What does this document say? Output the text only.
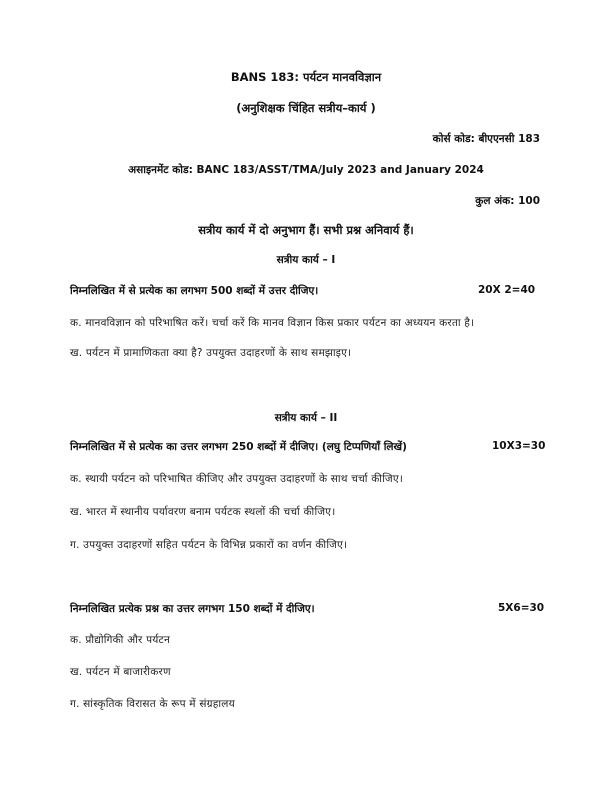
BANS 183: पर्यटन मानवविज्ञान
(अनुशिक्षक चिंहित सत्रीय–कार्य )
कोर्स कोड: बीएएनसी 183
असाइनमेंट कोड: BANC 183/ASST/TMA/July 2023 and January 2024
कुल अंक: 100
सत्रीय कार्य में दो अनुभाग हैं। सभी प्रश्न अनिवार्य हैं।
सत्रीय कार्य – I
निम्नलिखित में से प्रत्येक का लगभग 500 शब्दों में उत्तर दीजिए।	20X 2=40
क. मानवविज्ञान को परिभाषित करें। चर्चा करें कि मानव विज्ञान किस प्रकार पर्यटन का अध्ययन करता है।
ख. पर्यटन में प्रामाणिकता क्या है? उपयुक्त उदाहरणों के साथ समझाइए।
सत्रीय कार्य – II
निम्नलिखित में से प्रत्येक का उत्तर लगभग 250 शब्दों में दीजिए। (लघु टिप्पणियाँ लिखें)	10X3=30
क. स्थायी पर्यटन को परिभाषित कीजिए और उपयुक्त उदाहरणों के साथ चर्चा कीजिए।
ख. भारत में स्थानीय पर्यावरण बनाम पर्यटक स्थलों की चर्चा कीजिए।
ग. उपयुक्त उदाहरणों सहित पर्यटन के विभिन्न प्रकारों का वर्णन कीजिए।
निम्नलिखित प्रत्येक प्रश्न का उत्तर लगभग 150 शब्दों में दीजिए।	5X6=30
क. प्रौद्योगिकी और पर्यटन
ख. पर्यटन में बाजारीकरण
ग. सांस्कृतिक विरासत के रूप में संग्रहालय
